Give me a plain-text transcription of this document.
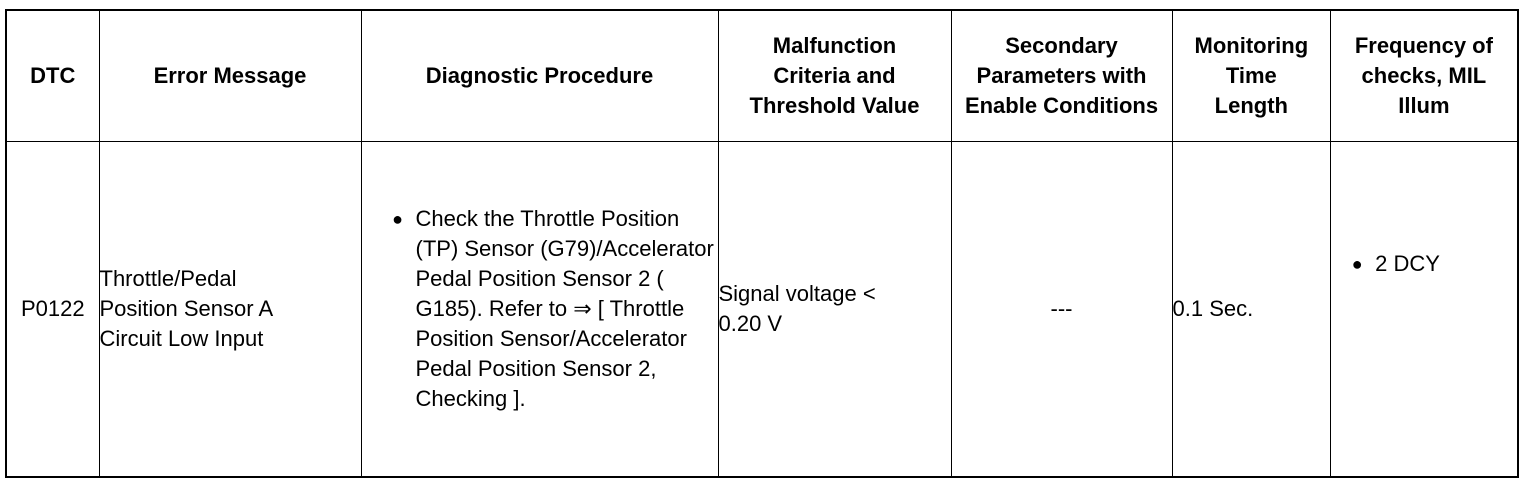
DTC	Error Message	Diagnostic Procedure	Malfunction Criteria and Threshold Value	Secondary Parameters with Enable Conditions	Monitoring Time Length	Frequency of checks, MIL Illum
P0122	Throttle/Pedal Position Sensor A Circuit Low Input	● Check the Throttle Position (TP) Sensor (G79)/Accelerator Pedal Position Sensor 2 ( G185). Refer to ⇒ [ Throttle Position Sensor/Accelerator Pedal Position Sensor 2, Checking ].	Signal voltage < 0.20 V	---	0.1 Sec.	● 2 DCY
